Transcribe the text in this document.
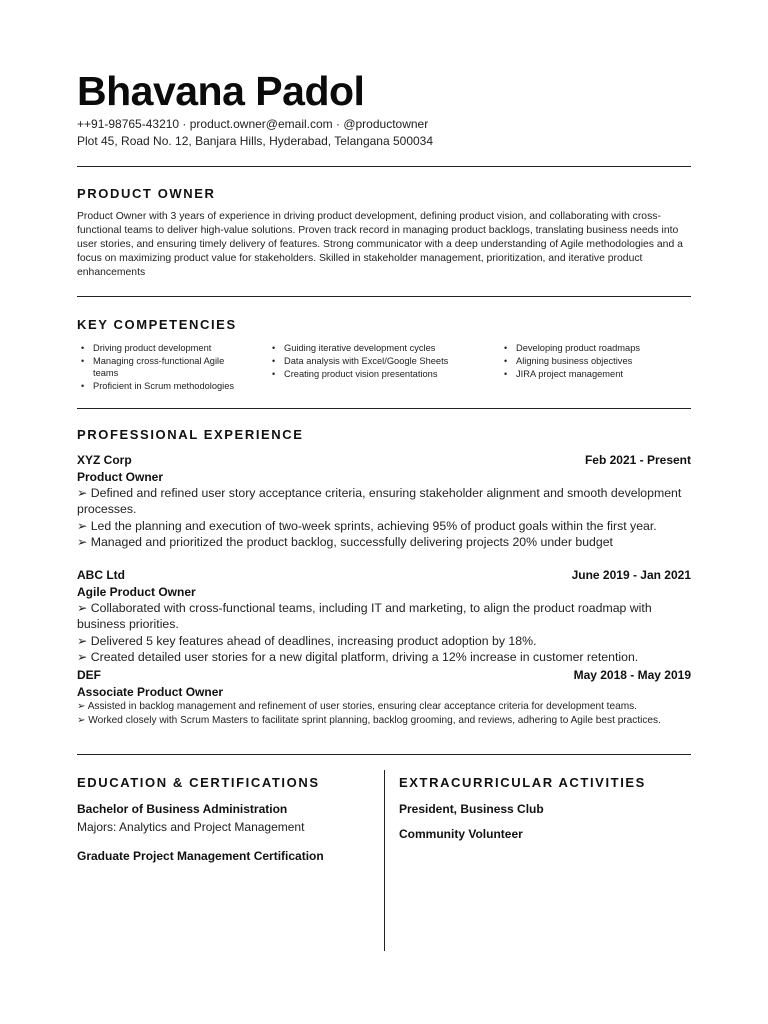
Bhavana Padol
++91-98765-43210 · product.owner@email.com · @productowner
Plot 45, Road No. 12, Banjara Hills, Hyderabad, Telangana 500034
PRODUCT OWNER
Product Owner with 3 years of experience in driving product development, defining product vision, and collaborating with cross-functional teams to deliver high-value solutions. Proven track record in managing product backlogs, translating business needs into user stories, and ensuring timely delivery of features. Strong communicator with a deep understanding of Agile methodologies and a focus on maximizing product value for stakeholders. Skilled in stakeholder management, prioritization, and iterative product enhancements
KEY COMPETENCIES
• Driving product development
• Managing cross-functional Agile teams
• Proficient in Scrum methodologies
• Guiding iterative development cycles
• Data analysis with Excel/Google Sheets
• Creating product vision presentations
• Developing product roadmaps
• Aligning business objectives
• JIRA project management
PROFESSIONAL EXPERIENCE
XYZ Corp	Feb 2021 - Present
Product Owner
➢ Defined and refined user story acceptance criteria, ensuring stakeholder alignment and smooth development processes.
➢ Led the planning and execution of two-week sprints, achieving 95% of product goals within the first year.
➢ Managed and prioritized the product backlog, successfully delivering projects 20% under budget
ABC Ltd	June 2019 - Jan 2021
Agile Product Owner
➢ Collaborated with cross-functional teams, including IT and marketing, to align the product roadmap with business priorities.
➢ Delivered 5 key features ahead of deadlines, increasing product adoption by 18%.
➢ Created detailed user stories for a new digital platform, driving a 12% increase in customer retention.
DEF	May 2018 - May 2019
Associate Product Owner
➢ Assisted in backlog management and refinement of user stories, ensuring clear acceptance criteria for development teams.
➢ Worked closely with Scrum Masters to facilitate sprint planning, backlog grooming, and reviews, adhering to Agile best practices.
EDUCATION & CERTIFICATIONS
Bachelor of Business Administration
Majors: Analytics and Project Management
Graduate Project Management Certification
EXTRACURRICULAR ACTIVITIES
President, Business Club
Community Volunteer
